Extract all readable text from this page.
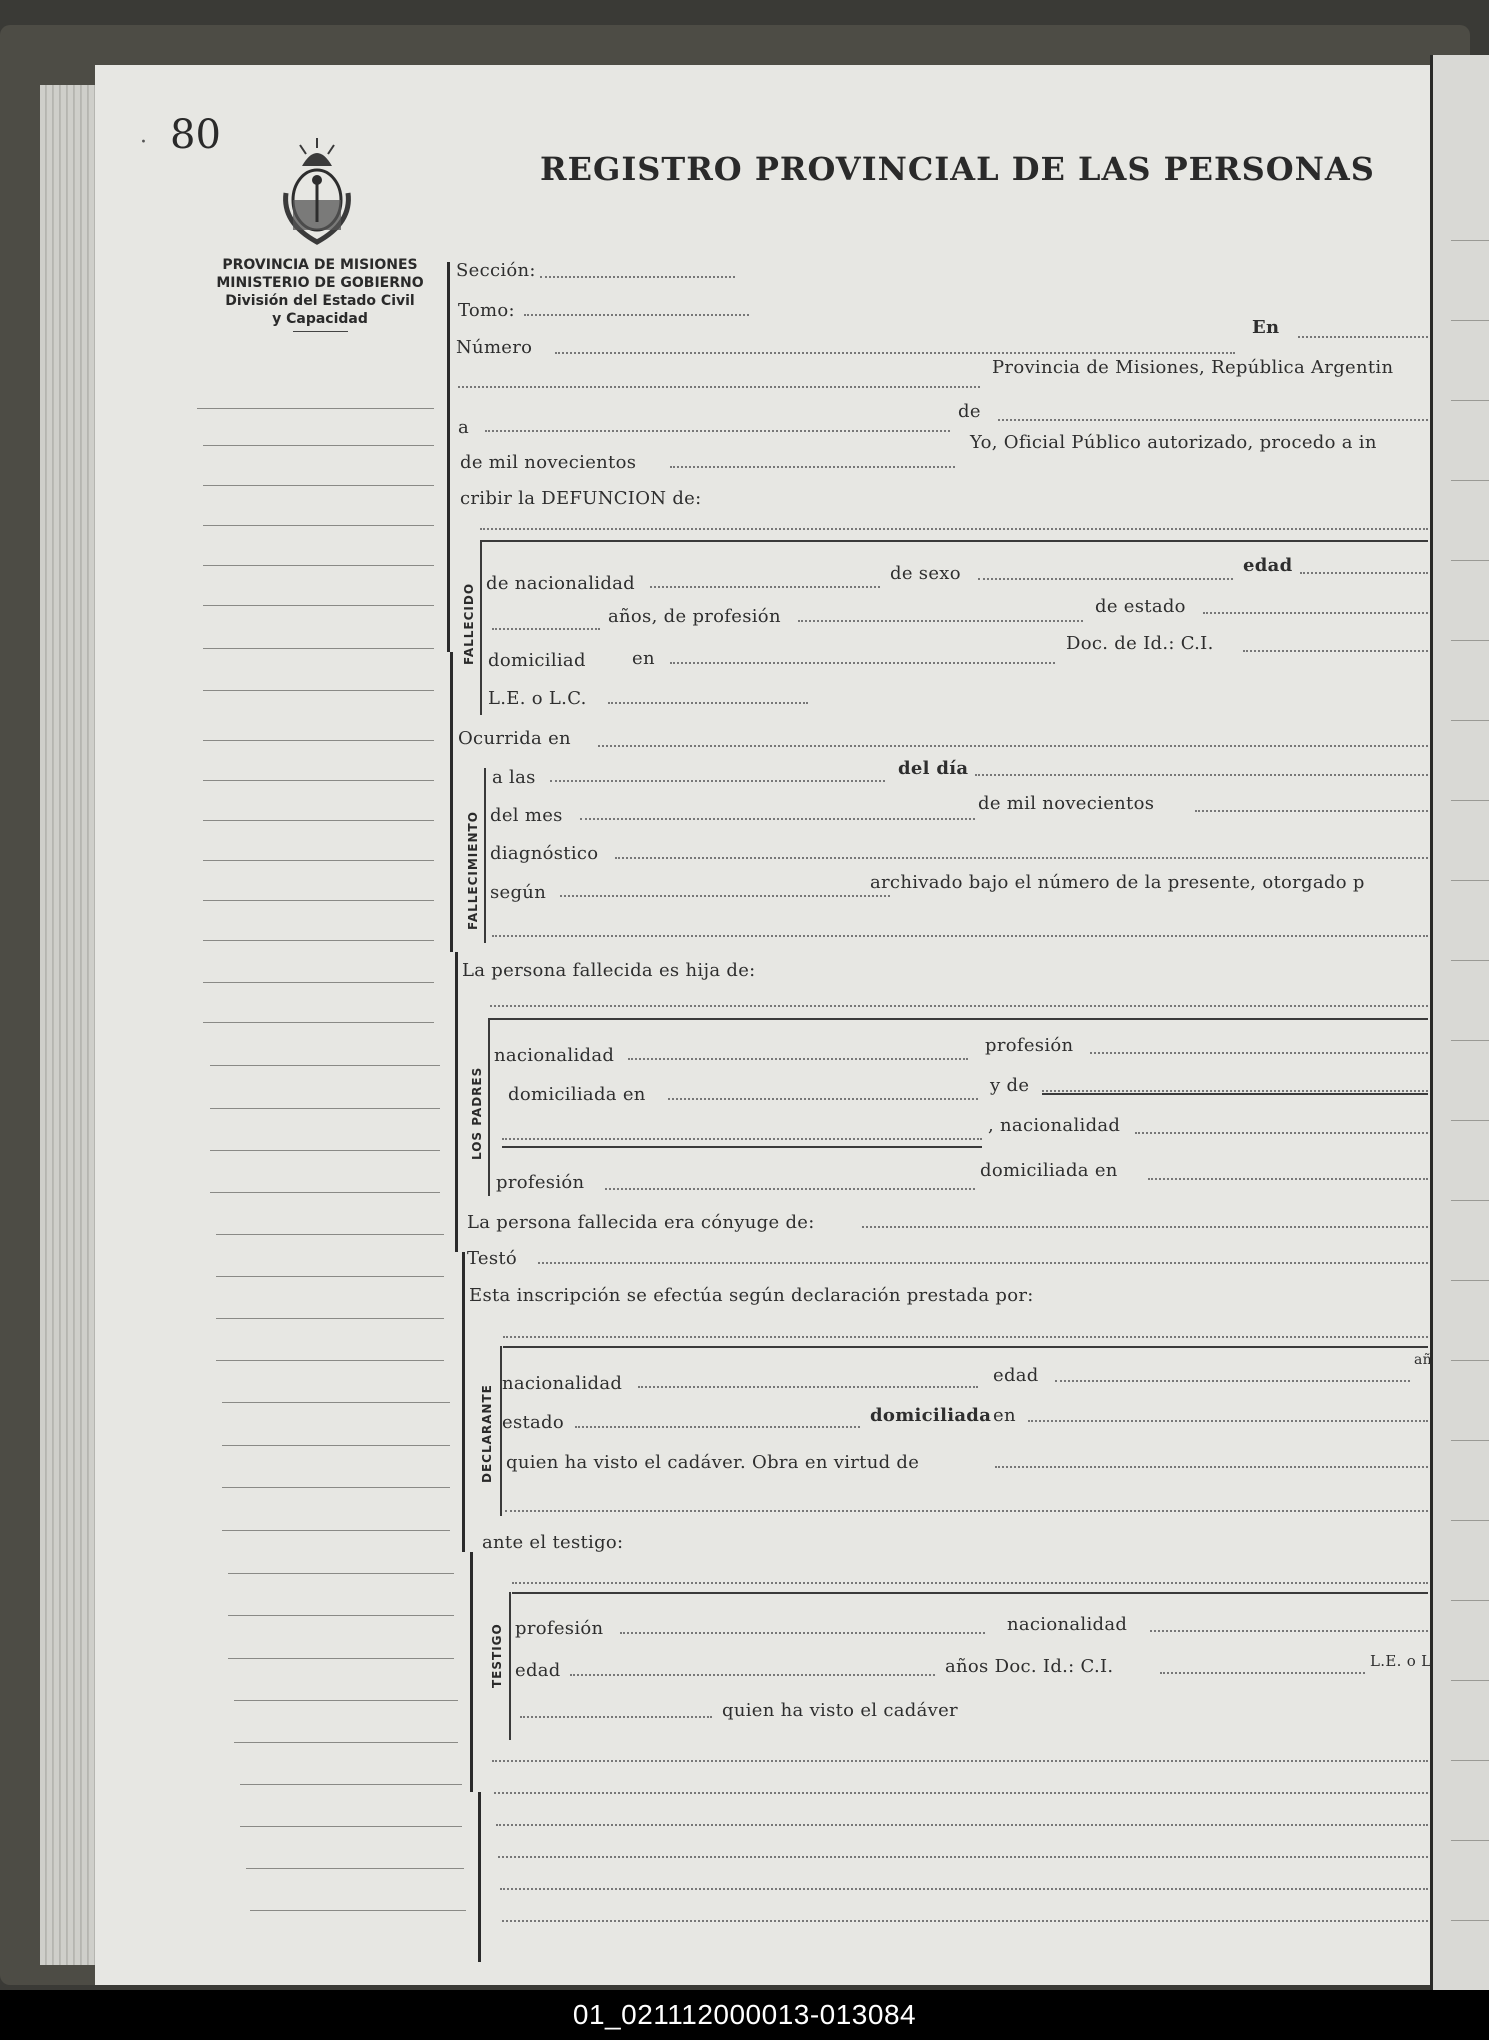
· 80
REGISTRO PROVINCIAL DE LAS PERSONAS
PROVINCIA DE MISIONES
MINISTERIO DE GOBIERNO
División del Estado Civil
y Capacidad
Sección:
Tomo:
Número
En
Provincia de Misiones, República Argentin
a
de
de mil novecientos
Yo, Oficial Público autorizado, procedo a in
cribir la DEFUNCION de:
FALLECIDO de nacionalidad	de sexo	edad
años, de profesión	de estado
domiciliad	en
Doc. de Id.: C.I.
L.E. o L.C.
Ocurrida en
FALLECIMIENTO
a las	del día
del mes
de mil novecientos
diagnóstico
según	archivado bajo el número de la presente, otorgado p
La persona fallecida es hija de:
LOS PADRES
nacionalidad	profesión
domiciliada en	y de
, nacionalidad
profesión
domiciliada en
La persona fallecida era cónyuge de:
Testó
Esta inscripción se efectúa según declaración prestada por:
DECLARANTE
nacionalidad	edad
añ
estado	domiciliada en
quien ha visto el cadáver. Obra en virtud de
ante el testigo:
TESTIGO profesión	nacionalidad
edad	años Doc. Id.: C.I.	L.E. o L
quien ha visto el cadáver
01_021112000013-013084
